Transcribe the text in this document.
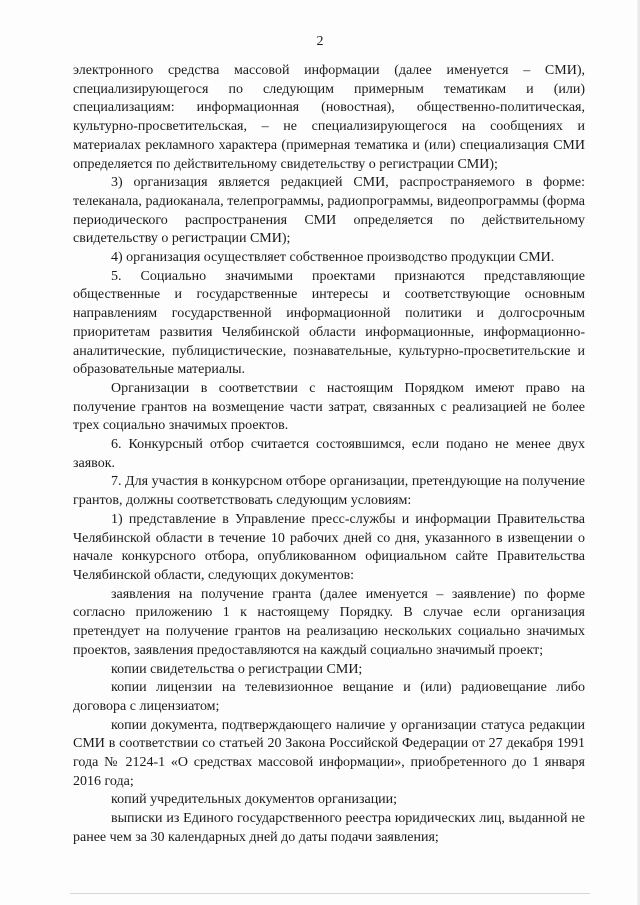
2

электронного средства массовой информации (далее именуется – СМИ), специализирующегося по следующим примерным тематикам и (или) специализациям: информационная (новостная), общественно-политическая, культурно-просветительская, – не специализирующегося на сообщениях и материалах рекламного характера (примерная тематика и (или) специализация СМИ определяется по действительному свидетельству о регистрации СМИ);

3) организация является редакцией СМИ, распространяемого в форме: телеканала, радиоканала, телепрограммы, радиопрограммы, видеопрограммы (форма периодического распространения СМИ определяется по действительному свидетельству о регистрации СМИ);

4) организация осуществляет собственное производство продукции СМИ.

5. Социально значимыми проектами признаются представляющие общественные и государственные интересы и соответствующие основным направлениям государственной информационной политики и долгосрочным приоритетам развития Челябинской области информационные, информационно-аналитические, публицистические, познавательные, культурно-просветительские и образовательные материалы.

Организации в соответствии с настоящим Порядком имеют право на получение грантов на возмещение части затрат, связанных с реализацией не более трех социально значимых проектов.

6. Конкурсный отбор считается состоявшимся, если подано не менее двух заявок.

7. Для участия в конкурсном отборе организации, претендующие на получение грантов, должны соответствовать следующим условиям:

1) представление в Управление пресс-службы и информации Правительства Челябинской области в течение 10 рабочих дней со дня, указанного в извещении о начале конкурсного отбора, опубликованном официальном сайте Правительства Челябинской области, следующих документов:

заявления на получение гранта (далее именуется – заявление) по форме согласно приложению 1 к настоящему Порядку. В случае если организация претендует на получение грантов на реализацию нескольких социально значимых проектов, заявления предоставляются на каждый социально значимый проект;

копии свидетельства о регистрации СМИ;

копии лицензии на телевизионное вещание и (или) радиовещание либо договора с лицензиатом;

копии документа, подтверждающего наличие у организации статуса редакции СМИ в соответствии со статьей 20 Закона Российской Федерации от 27 декабря 1991 года № 2124-1 «О средствах массовой информации», приобретенного до 1 января 2016 года;

копий учредительных документов организации;

выписки из Единого государственного реестра юридических лиц, выданной не ранее чем за 30 календарных дней до даты подачи заявления;
